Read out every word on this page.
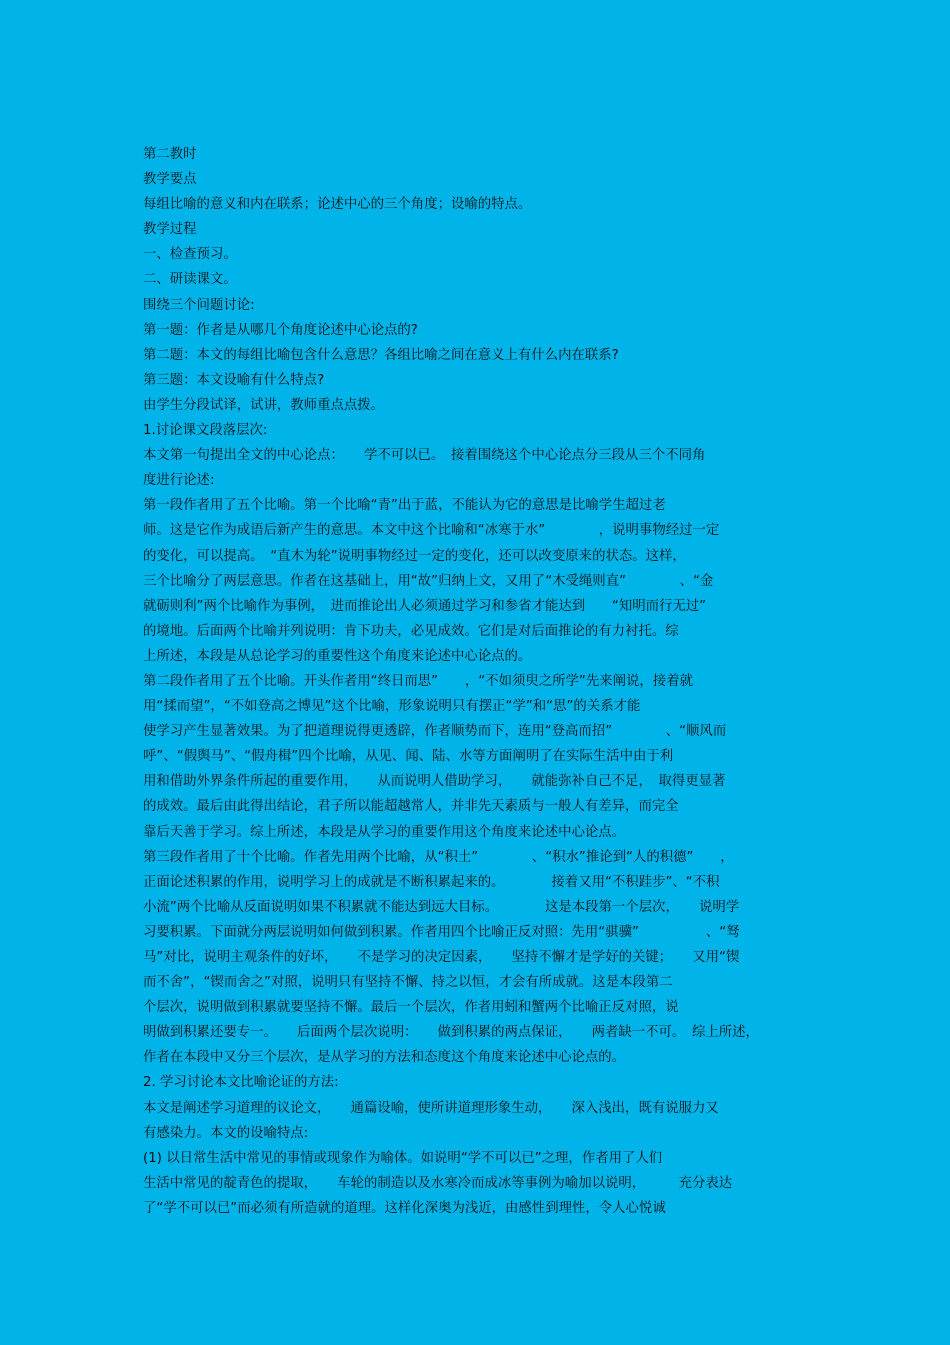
第二教时
教学要点
每组比喻的意义和内在联系；论述中心的三个角度；设喻的特点。
教学过程
一、检查预习。
二、研读课文。
围绕三个问题讨论:
第一题：作者是从哪几个角度论述中心论点的?
第二题：本文的每组比喻包含什么意思？各组比喻之间在意义上有什么内在联系?
第三题：本文设喻有什么特点?
由学生分段试译，试讲，教师重点点拨。
1.讨论课文段落层次:
本文第一句提出全文的中心论点：　　学不可以已。　接着围绕这个中心论点分三段从三个不同角
度进行论述:
第一段作者用了五个比喻。第一个比喻“青”出于蓝，不能认为它的意思是比喻学生超过老
师。这是它作为成语后新产生的意思。本文中这个比喻和“冰寒于水”　　　　，说明事物经过一定
的变化，可以提高。　“直木为轮”说明事物经过一定的变化，还可以改变原来的状态。这样，
三个比喻分了两层意思。作者在这基础上，用“故”归纳上文，又用了“木受绳则直”　　　　、“金
就砺则利”两个比喻作为事例，　进而推论出人必须通过学习和参省才能达到　　“知明而行无过”
的境地。后面两个比喻并列说明：肯下功夫，必见成效。它们是对后面推论的有力衬托。综
上所述，本段是从总论学习的重要性这个角度来论述中心论点的。
第二段作者用了五个比喻。开头作者用“终日而思”　　，“不如须臾之所学”先来阐说，接着就
用“揉而望”，“不如登高之博见”这个比喻，形象说明只有摆正“学”和“思”的关系才能
使学习产生显著效果。为了把道理说得更透辟，作者顺势而下，连用“登高而招”　　　　、“顺风而
呼”、“假舆马”、“假舟楫”四个比喻，从见、闻、陆、水等方面阐明了在实际生活中由于利
用和借助外界条件所起的重要作用，　　从而说明人借助学习，　　就能弥补自己不足，　取得更显著
的成效。最后由此得出结论，君子所以能超越常人，并非先天素质与一般人有差异，而完全
靠后天善于学习。综上所述，本段是从学习的重要作用这个角度来论述中心论点。
第三段作者用了十个比喻。作者先用两个比喻，从“积土”　　　　、“积水”推论到“人的积德”　　，
正面论述积累的作用，说明学习上的成就是不断积累起来的。　　　　接着又用“不积跬步”、“不积
小流”两个比喻从反面说明如果不积累就不能达到远大目标。　　　　这是本段第一个层次，　　说明学
习要积累。下面就分两层说明如何做到积累。作者用四个比喻正反对照：先用“骐骥”　　　　　、“驽
马”对比，说明主观条件的好坏，　　不是学习的决定因素，　　坚持不懈才是学好的关键；　　又用“锲
而不舍”，“锲而舍之”对照，说明只有坚持不懈、持之以恒，才会有所成就。这是本段第二
个层次，说明做到积累就要坚持不懈。最后一个层次，作者用蚓和蟹两个比喻正反对照，说
明做到积累还要专一。　　后面两个层次说明：　　做到积累的两点保证，　　两者缺一不可。　综上所述，
作者在本段中又分三个层次，是从学习的方法和态度这个角度来论述中心论点的。
2. 学习讨论本文比喻论证的方法:
本文是阐述学习道理的议论文，　　通篇设喻，使所讲道理形象生动，　　深入浅出，既有说服力又
有感染力。本文的设喻特点:
(1) 以日常生活中常见的事情或现象作为喻体。如说明“学不可以已”之理，作者用了人们
生活中常见的靛青色的提取，　　车轮的制造以及水寒冷而成冰等事例为喻加以说明，　　　充分表达
了“学不可以已”而必须有所造就的道理。这样化深奥为浅近，由感性到理性，令人心悦诚
